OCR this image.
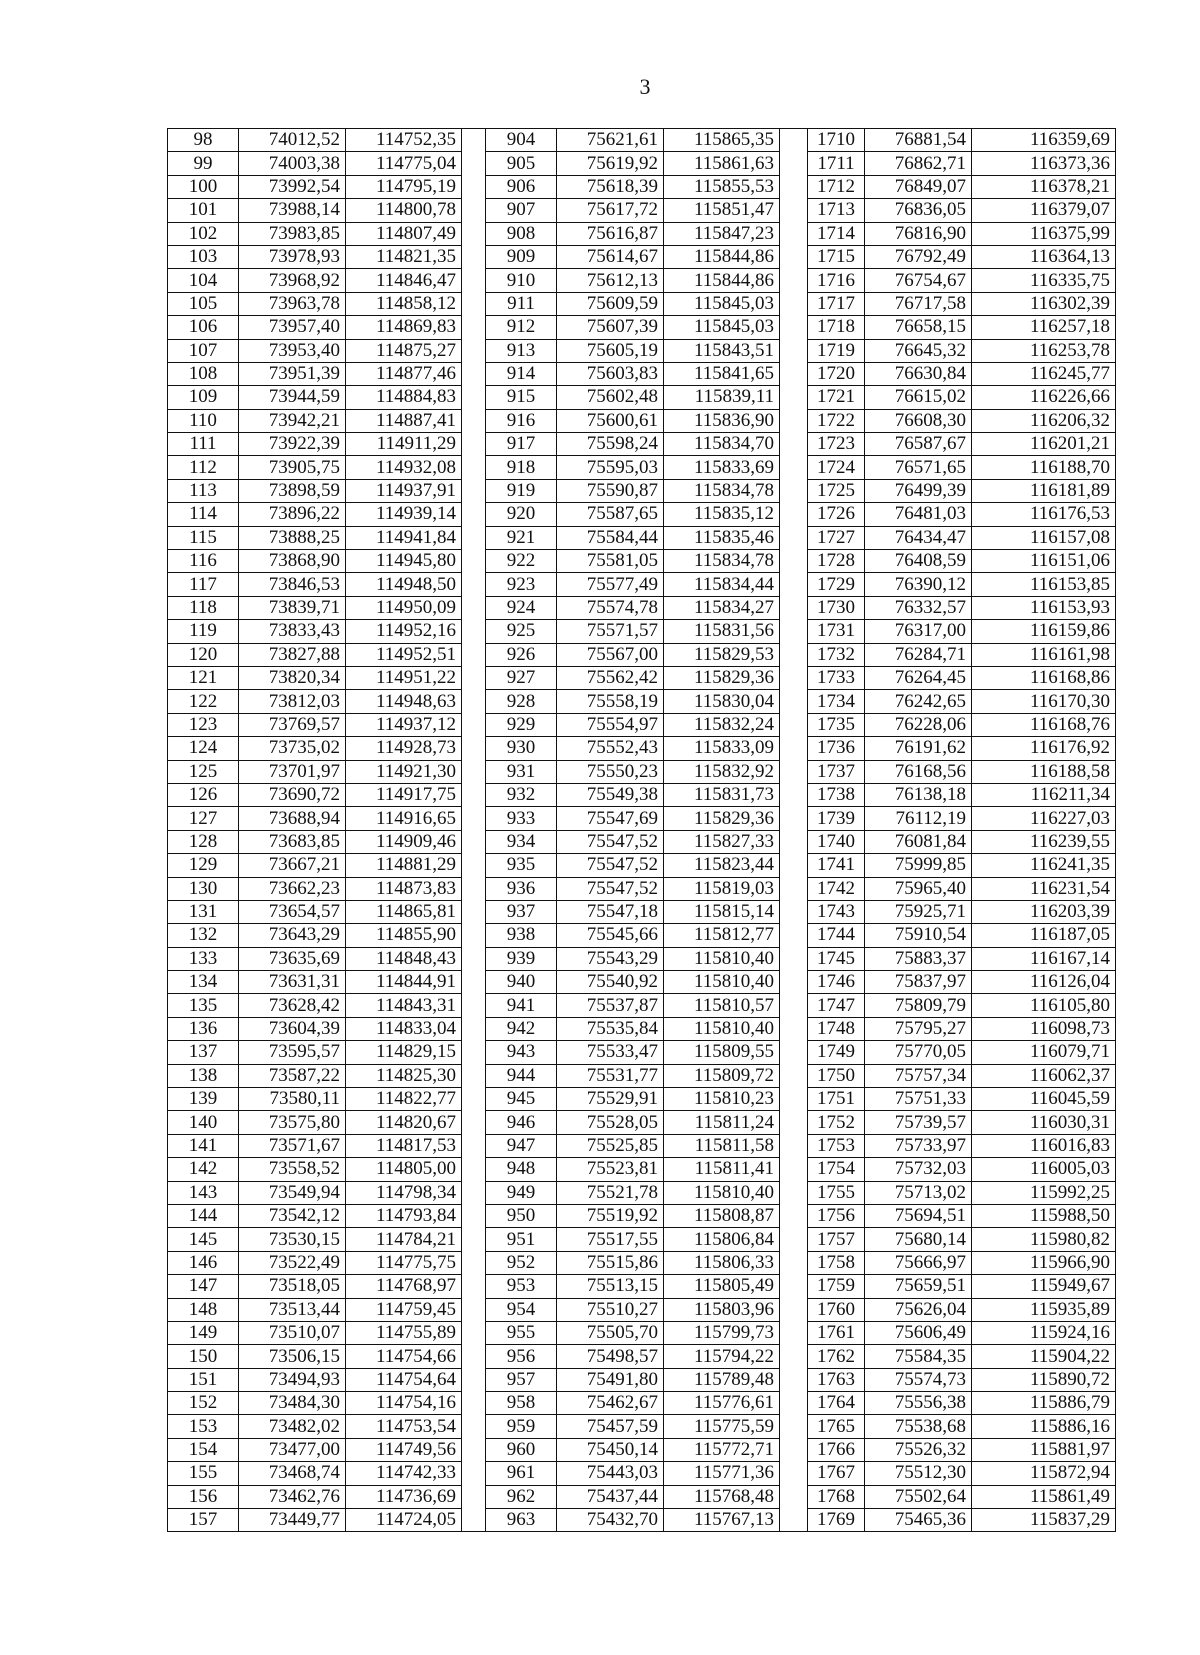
3
98	74012,52	114752,35		904	75621,61	115865,35		1710	76881,54	116359,69
99	74003,38	114775,04		905	75619,92	115861,63		1711	76862,71	116373,36
100	73992,54	114795,19		906	75618,39	115855,53		1712	76849,07	116378,21
101	73988,14	114800,78		907	75617,72	115851,47		1713	76836,05	116379,07
102	73983,85	114807,49		908	75616,87	115847,23		1714	76816,90	116375,99
103	73978,93	114821,35		909	75614,67	115844,86		1715	76792,49	116364,13
104	73968,92	114846,47		910	75612,13	115844,86		1716	76754,67	116335,75
105	73963,78	114858,12		911	75609,59	115845,03		1717	76717,58	116302,39
106	73957,40	114869,83		912	75607,39	115845,03		1718	76658,15	116257,18
107	73953,40	114875,27		913	75605,19	115843,51		1719	76645,32	116253,78
108	73951,39	114877,46		914	75603,83	115841,65		1720	76630,84	116245,77
109	73944,59	114884,83		915	75602,48	115839,11		1721	76615,02	116226,66
110	73942,21	114887,41		916	75600,61	115836,90		1722	76608,30	116206,32
111	73922,39	114911,29		917	75598,24	115834,70		1723	76587,67	116201,21
112	73905,75	114932,08		918	75595,03	115833,69		1724	76571,65	116188,70
113	73898,59	114937,91		919	75590,87	115834,78		1725	76499,39	116181,89
114	73896,22	114939,14		920	75587,65	115835,12		1726	76481,03	116176,53
115	73888,25	114941,84		921	75584,44	115835,46		1727	76434,47	116157,08
116	73868,90	114945,80		922	75581,05	115834,78		1728	76408,59	116151,06
117	73846,53	114948,50		923	75577,49	115834,44		1729	76390,12	116153,85
118	73839,71	114950,09		924	75574,78	115834,27		1730	76332,57	116153,93
119	73833,43	114952,16		925	75571,57	115831,56		1731	76317,00	116159,86
120	73827,88	114952,51		926	75567,00	115829,53		1732	76284,71	116161,98
121	73820,34	114951,22		927	75562,42	115829,36		1733	76264,45	116168,86
122	73812,03	114948,63		928	75558,19	115830,04		1734	76242,65	116170,30
123	73769,57	114937,12		929	75554,97	115832,24		1735	76228,06	116168,76
124	73735,02	114928,73		930	75552,43	115833,09		1736	76191,62	116176,92
125	73701,97	114921,30		931	75550,23	115832,92		1737	76168,56	116188,58
126	73690,72	114917,75		932	75549,38	115831,73		1738	76138,18	116211,34
127	73688,94	114916,65		933	75547,69	115829,36		1739	76112,19	116227,03
128	73683,85	114909,46		934	75547,52	115827,33		1740	76081,84	116239,55
129	73667,21	114881,29		935	75547,52	115823,44		1741	75999,85	116241,35
130	73662,23	114873,83		936	75547,52	115819,03		1742	75965,40	116231,54
131	73654,57	114865,81		937	75547,18	115815,14		1743	75925,71	116203,39
132	73643,29	114855,90		938	75545,66	115812,77		1744	75910,54	116187,05
133	73635,69	114848,43		939	75543,29	115810,40		1745	75883,37	116167,14
134	73631,31	114844,91		940	75540,92	115810,40		1746	75837,97	116126,04
135	73628,42	114843,31		941	75537,87	115810,57		1747	75809,79	116105,80
136	73604,39	114833,04		942	75535,84	115810,40		1748	75795,27	116098,73
137	73595,57	114829,15		943	75533,47	115809,55		1749	75770,05	116079,71
138	73587,22	114825,30		944	75531,77	115809,72		1750	75757,34	116062,37
139	73580,11	114822,77		945	75529,91	115810,23		1751	75751,33	116045,59
140	73575,80	114820,67		946	75528,05	115811,24		1752	75739,57	116030,31
141	73571,67	114817,53		947	75525,85	115811,58		1753	75733,97	116016,83
142	73558,52	114805,00		948	75523,81	115811,41		1754	75732,03	116005,03
143	73549,94	114798,34		949	75521,78	115810,40		1755	75713,02	115992,25
144	73542,12	114793,84		950	75519,92	115808,87		1756	75694,51	115988,50
145	73530,15	114784,21		951	75517,55	115806,84		1757	75680,14	115980,82
146	73522,49	114775,75		952	75515,86	115806,33		1758	75666,97	115966,90
147	73518,05	114768,97		953	75513,15	115805,49		1759	75659,51	115949,67
148	73513,44	114759,45		954	75510,27	115803,96		1760	75626,04	115935,89
149	73510,07	114755,89		955	75505,70	115799,73		1761	75606,49	115924,16
150	73506,15	114754,66		956	75498,57	115794,22		1762	75584,35	115904,22
151	73494,93	114754,64		957	75491,80	115789,48		1763	75574,73	115890,72
152	73484,30	114754,16		958	75462,67	115776,61		1764	75556,38	115886,79
153	73482,02	114753,54		959	75457,59	115775,59		1765	75538,68	115886,16
154	73477,00	114749,56		960	75450,14	115772,71		1766	75526,32	115881,97
155	73468,74	114742,33		961	75443,03	115771,36		1767	75512,30	115872,94
156	73462,76	114736,69		962	75437,44	115768,48		1768	75502,64	115861,49
157	73449,77	114724,05		963	75432,70	115767,13		1769	75465,36	115837,29
